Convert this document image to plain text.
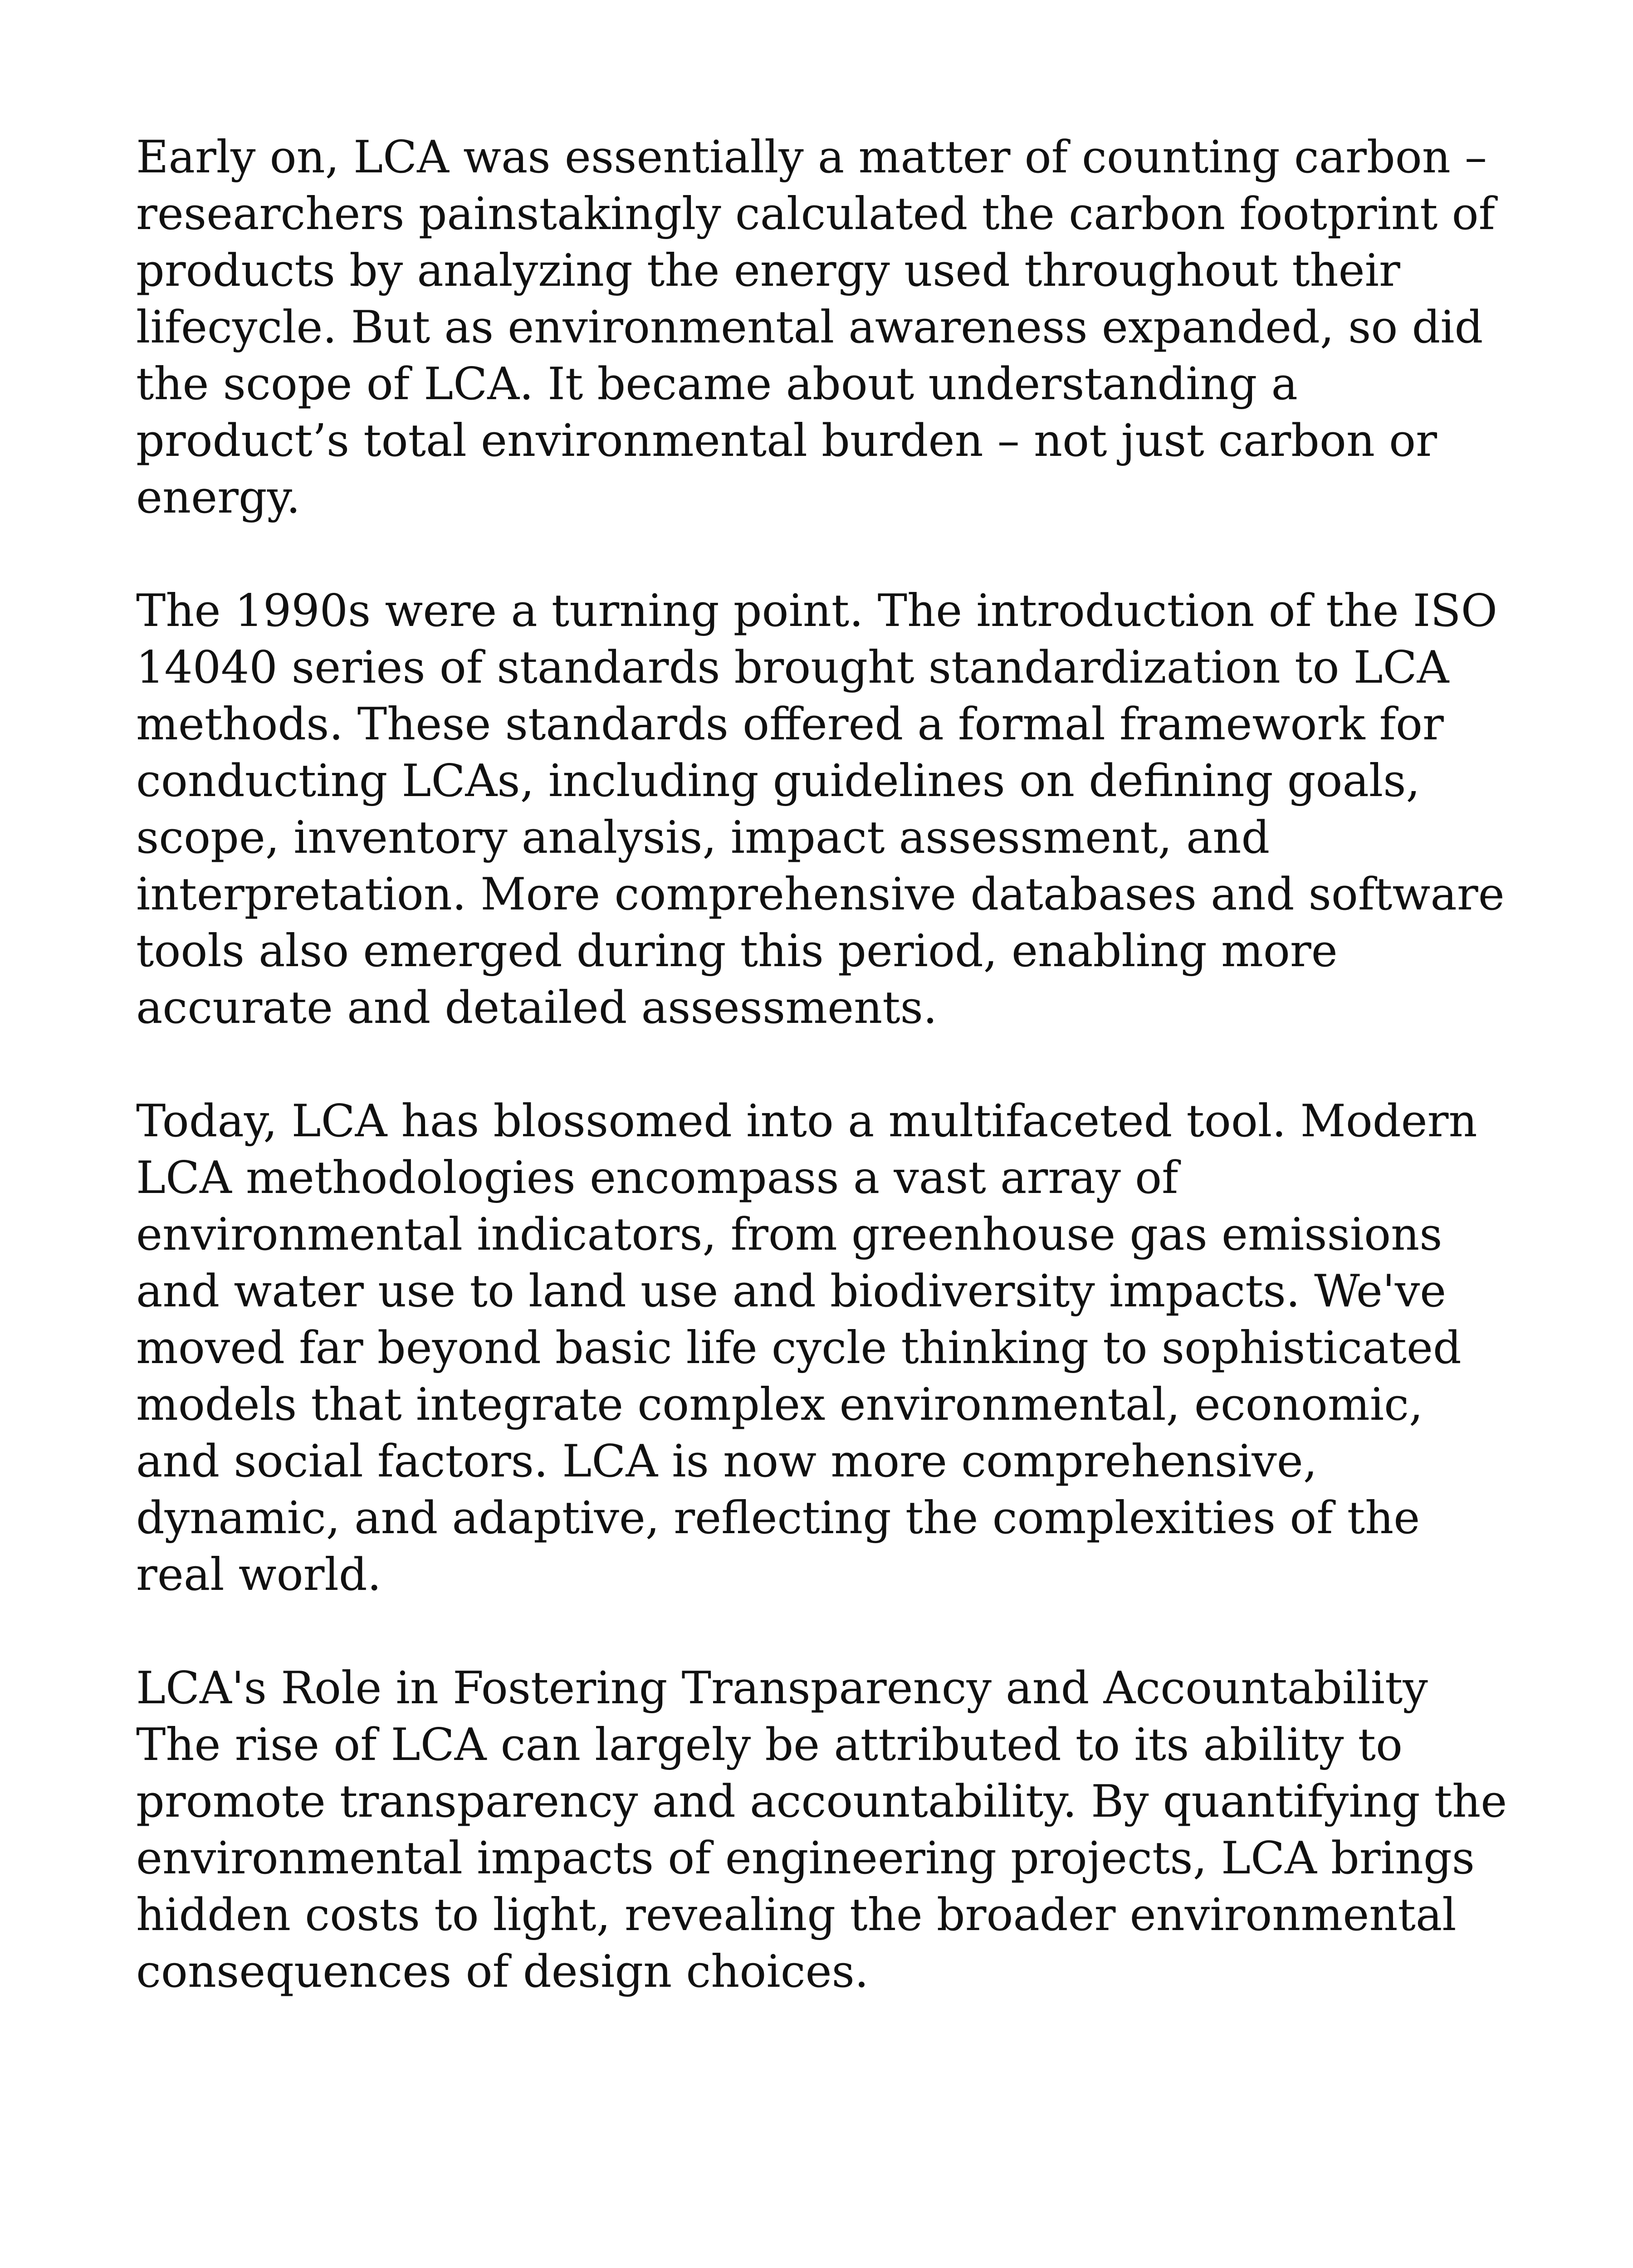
Early on, LCA was essentially a matter of counting carbon – researchers painstakingly calculated the carbon footprint of products by analyzing the energy used throughout their lifecycle. But as environmental awareness expanded, so did the scope of LCA. It became about understanding a product’s total environmental burden – not just carbon or energy.

The 1990s were a turning point. The introduction of the ISO 14040 series of standards brought standardization to LCA methods. These standards offered a formal framework for conducting LCAs, including guidelines on defining goals, scope, inventory analysis, impact assessment, and interpretation. More comprehensive databases and software tools also emerged during this period, enabling more accurate and detailed assessments.

Today, LCA has blossomed into a multifaceted tool. Modern LCA methodologies encompass a vast array of environmental indicators, from greenhouse gas emissions and water use to land use and biodiversity impacts. We've moved far beyond basic life cycle thinking to sophisticated models that integrate complex environmental, economic, and social factors. LCA is now more comprehensive, dynamic, and adaptive, reflecting the complexities of the real world.

LCA's Role in Fostering Transparency and Accountability

The rise of LCA can largely be attributed to its ability to promote transparency and accountability. By quantifying the environmental impacts of engineering projects, LCA brings hidden costs to light, revealing the broader environmental consequences of design choices.
